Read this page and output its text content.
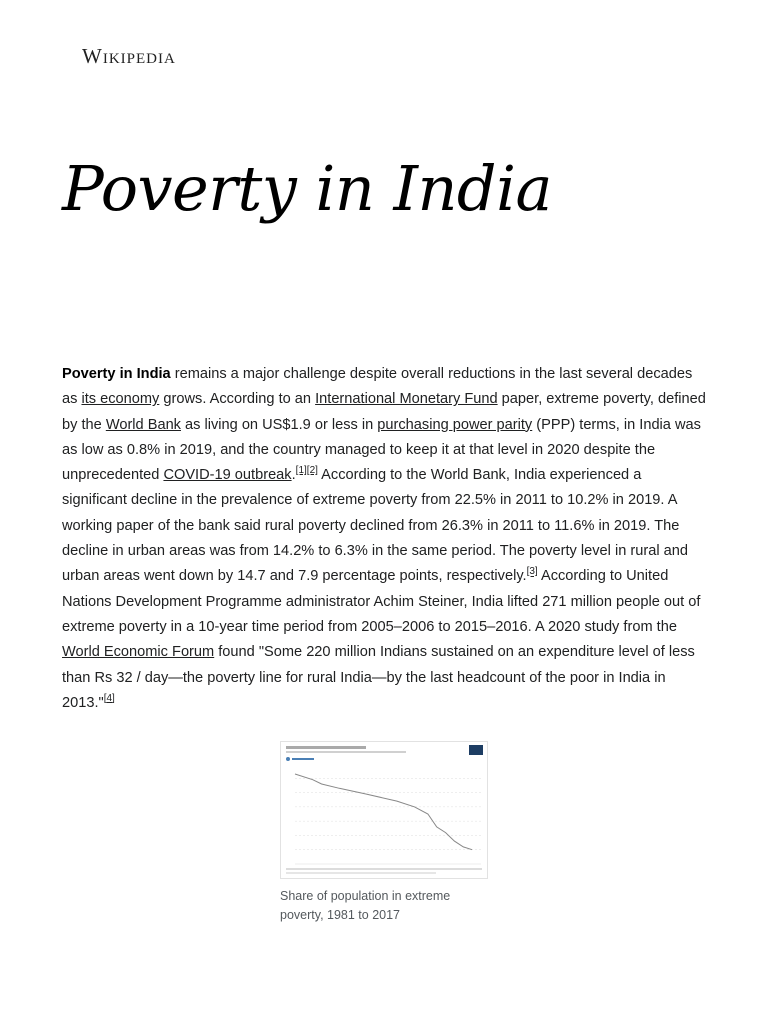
Wikipedia
Poverty in India

Poverty in India remains a major challenge despite overall reductions in the last several decades as its economy grows. According to an International Monetary Fund paper, extreme poverty, defined by the World Bank as living on US$1.9 or less in purchasing power parity (PPP) terms, in India was as low as 0.8% in 2019, and the country managed to keep it at that level in 2020 despite the unprecedented COVID-19 outbreak.[1][2] According to the World Bank, India experienced a significant decline in the prevalence of extreme poverty from 22.5% in 2011 to 10.2% in 2019. A working paper of the bank said rural poverty declined from 26.3% in 2011 to 11.6% in 2019. The decline in urban areas was from 14.2% to 6.3% in the same period. The poverty level in rural and urban areas went down by 14.7 and 7.9 percentage points, respectively.[3] According to United Nations Development Programme administrator Achim Steiner, India lifted 271 million people out of extreme poverty in a 10-year time period from 2005–2006 to 2015–2016. A 2020 study from the World Economic Forum found "Some 220 million Indians sustained on an expenditure level of less than Rs 32 / day—the poverty line for rural India—by the last headcount of the poor in India in 2013."[4]

Share of population in extreme poverty, 1981 to 2017
